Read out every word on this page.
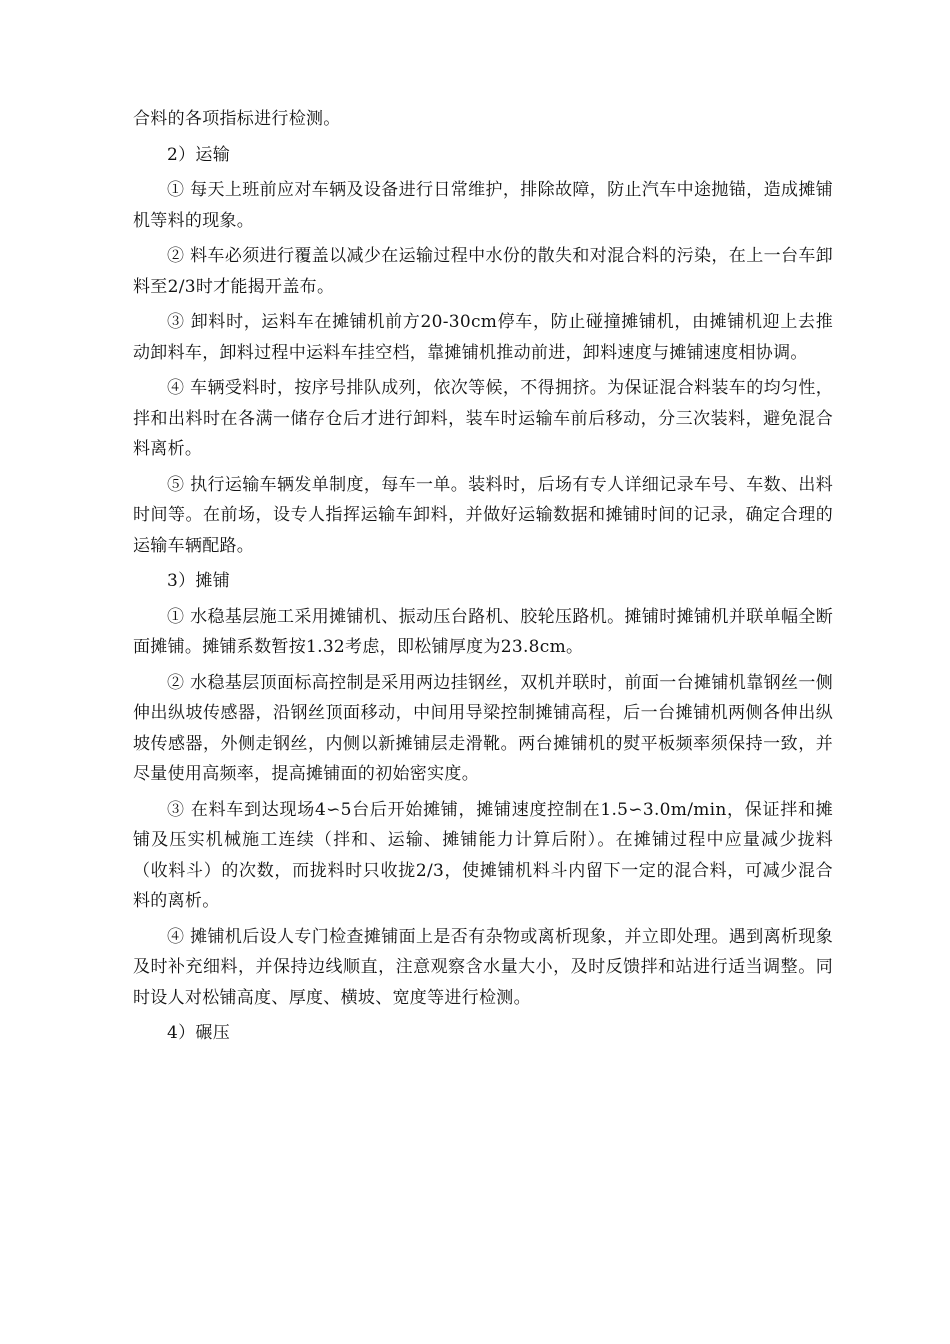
合料的各项指标进行检测。

2）运输

① 每天上班前应对车辆及设备进行日常维护，排除故障，防止汽车中途抛锚，造成摊铺机等料的现象。

② 料车必须进行覆盖以减少在运输过程中水份的散失和对混合料的污染，在上一台车卸料至2/3时才能揭开盖布。

③ 卸料时，运料车在摊铺机前方20-30cm停车，防止碰撞摊铺机，由摊铺机迎上去推动卸料车，卸料过程中运料车挂空档，靠摊铺机推动前进，卸料速度与摊铺速度相协调。

④ 车辆受料时，按序号排队成列，依次等候，不得拥挤。为保证混合料装车的均匀性，拌和出料时在各满一储存仓后才进行卸料，装车时运输车前后移动，分三次装料，避免混合料离析。

⑤ 执行运输车辆发单制度，每车一单。装料时，后场有专人详细记录车号、车数、出料时间等。在前场，设专人指挥运输车卸料，并做好运输数据和摊铺时间的记录，确定合理的运输车辆配路。

3）摊铺

① 水稳基层施工采用摊铺机、振动压台路机、胶轮压路机。摊铺时摊铺机并联单幅全断面摊铺。摊铺系数暂按1.32考虑，即松铺厚度为23.8cm。

② 水稳基层顶面标高控制是采用两边挂钢丝，双机并联时，前面一台摊铺机靠钢丝一侧伸出纵坡传感器，沿钢丝顶面移动，中间用导梁控制摊铺高程，后一台摊铺机两侧各伸出纵坡传感器，外侧走钢丝，内侧以新摊铺层走滑靴。两台摊铺机的熨平板频率须保持一致，并尽量使用高频率，提高摊铺面的初始密实度。

③ 在料车到达现场4∽5台后开始摊铺，摊铺速度控制在1.5∽3.0m/min，保证拌和摊铺及压实机械施工连续（拌和、运输、摊铺能力计算后附）。在摊铺过程中应量减少拢料（收料斗）的次数，而拢料时只收拢2/3，使摊铺机料斗内留下一定的混合料，可减少混合料的离析。

④ 摊铺机后设人专门检查摊铺面上是否有杂物或离析现象，并立即处理。遇到离析现象及时补充细料，并保持边线顺直，注意观察含水量大小，及时反馈拌和站进行适当调整。同时设人对松铺高度、厚度、横坡、宽度等进行检测。

4）碾压
